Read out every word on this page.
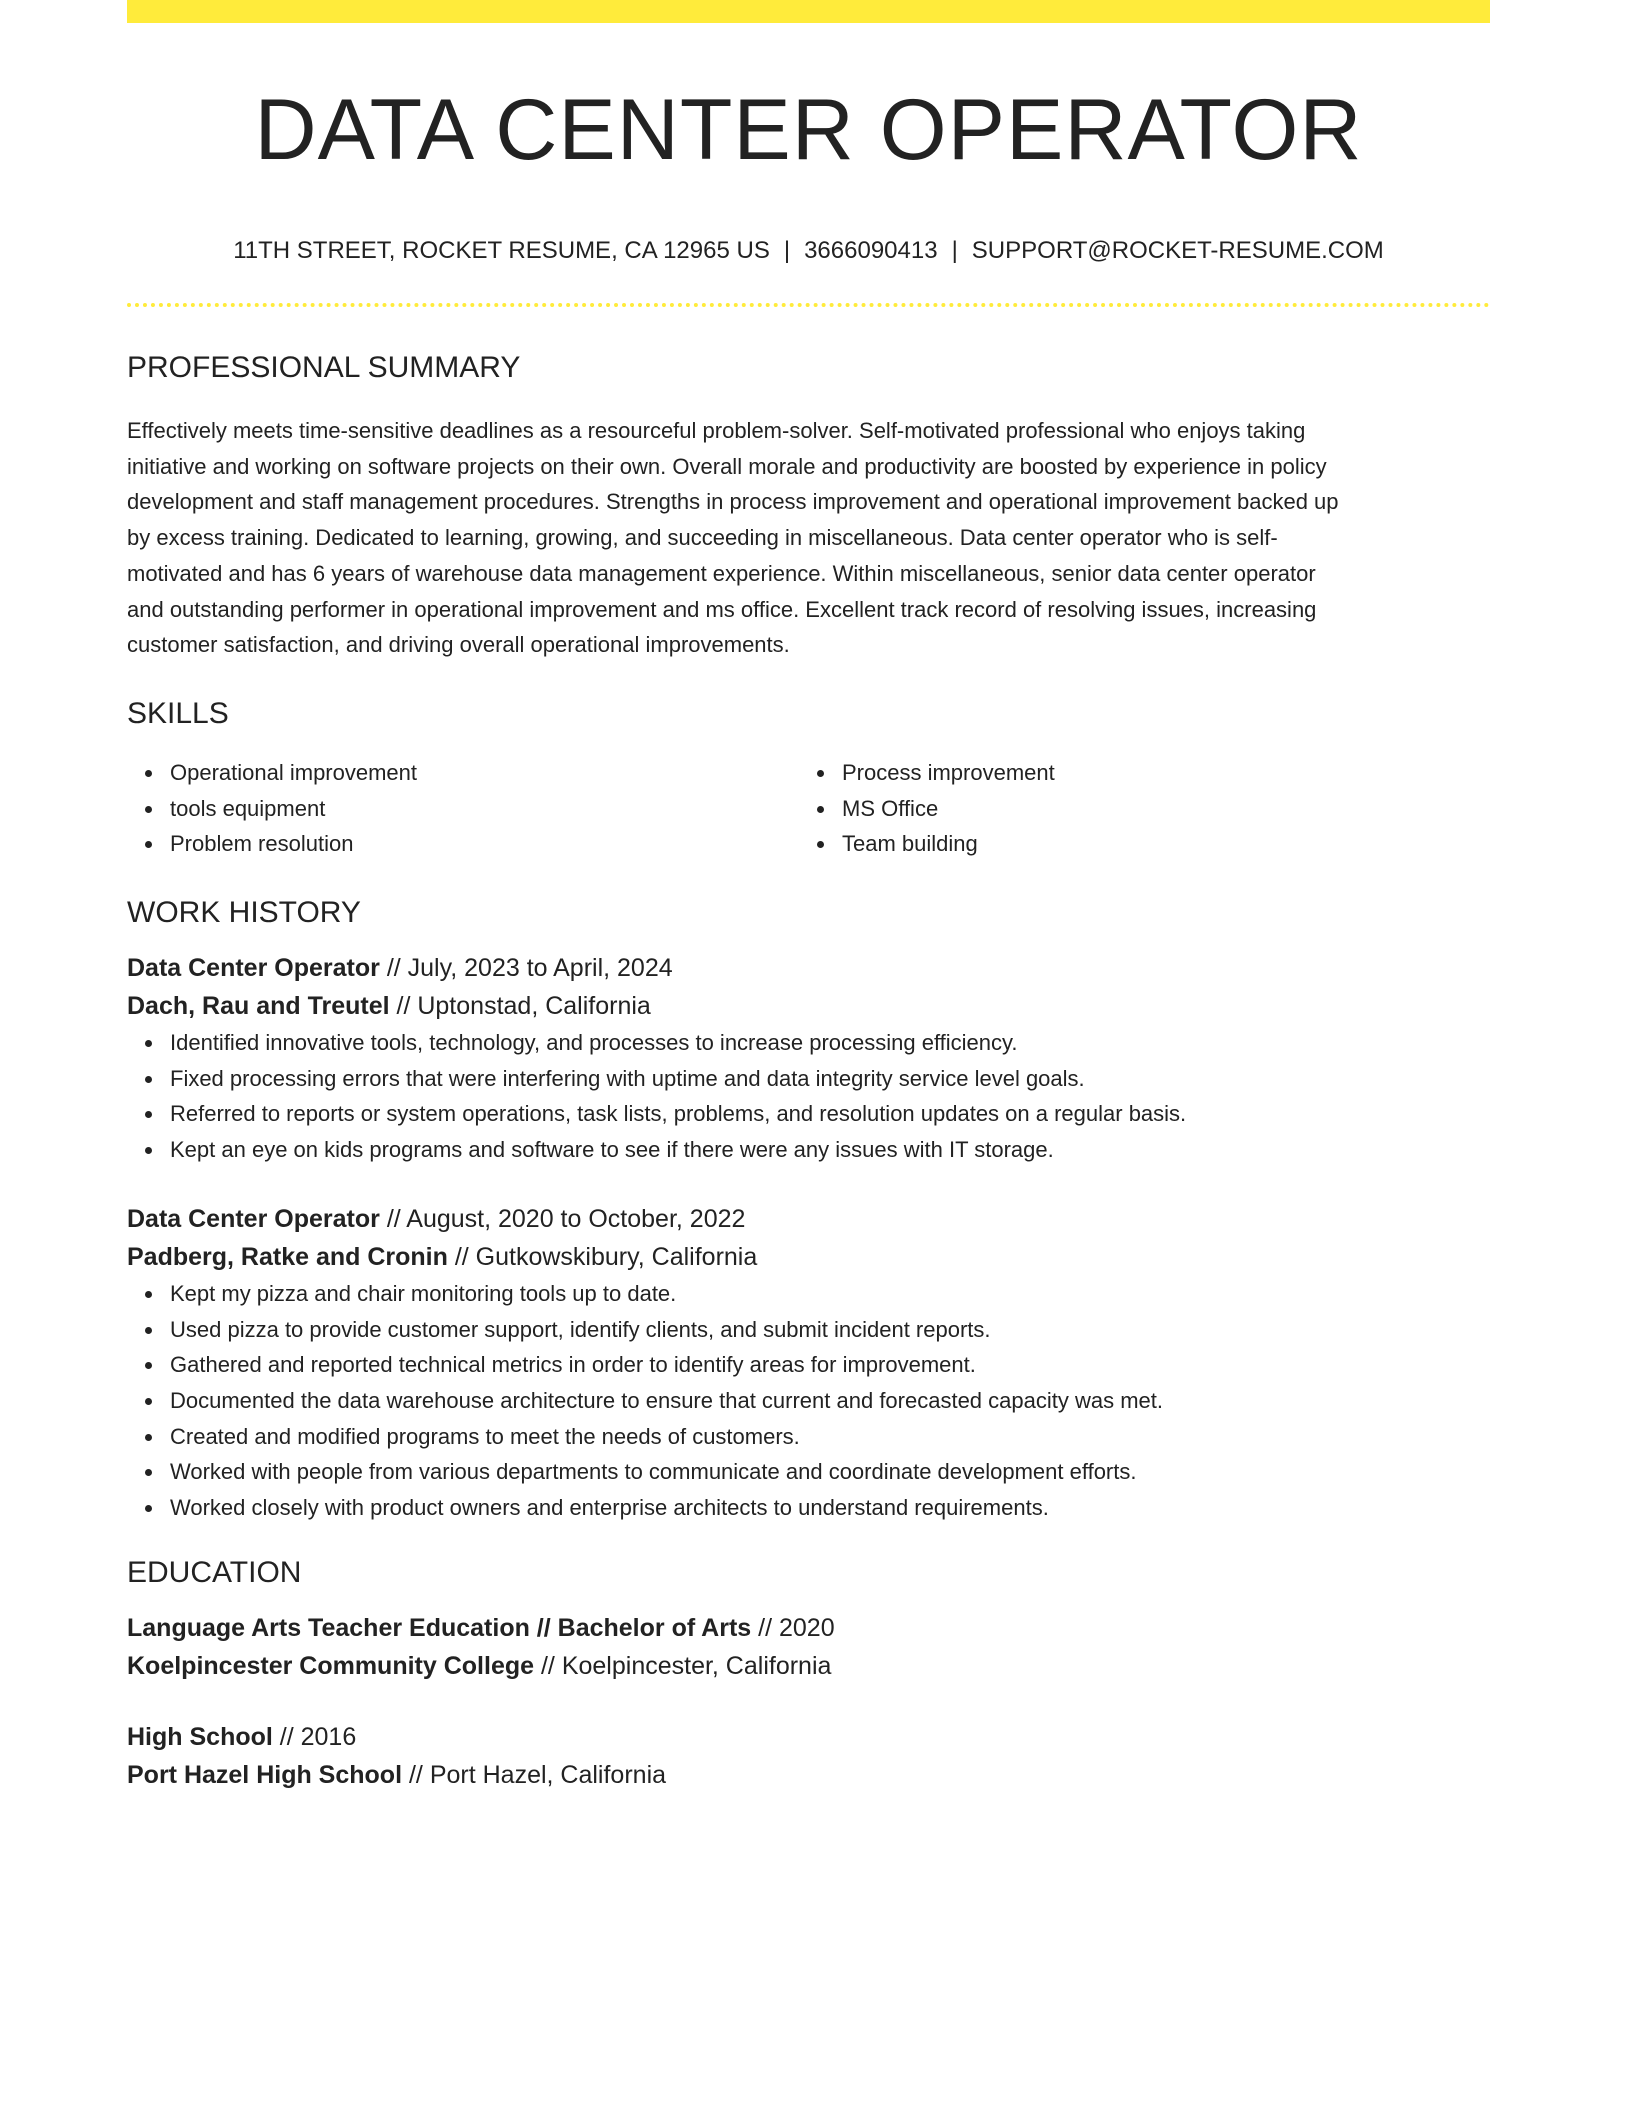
DATA CENTER OPERATOR
11TH STREET, ROCKET RESUME, CA 12965 US | 3666090413 | SUPPORT@ROCKET-RESUME.COM
PROFESSIONAL SUMMARY
Effectively meets time-sensitive deadlines as a resourceful problem-solver. Self-motivated professional who enjoys taking
initiative and working on software projects on their own. Overall morale and productivity are boosted by experience in policy
development and staff management procedures. Strengths in process improvement and operational improvement backed up
by excess training. Dedicated to learning, growing, and succeeding in miscellaneous. Data center operator who is self-
motivated and has 6 years of warehouse data management experience. Within miscellaneous, senior data center operator
and outstanding performer in operational improvement and ms office. Excellent track record of resolving issues, increasing
customer satisfaction, and driving overall operational improvements.
SKILLS
Operational improvement
tools equipment
Problem resolution
Process improvement
MS Office
Team building
WORK HISTORY
Data Center Operator // July, 2023 to April, 2024
Dach, Rau and Treutel // Uptonstad, California
Identified innovative tools, technology, and processes to increase processing efficiency.
Fixed processing errors that were interfering with uptime and data integrity service level goals.
Referred to reports or system operations, task lists, problems, and resolution updates on a regular basis.
Kept an eye on kids programs and software to see if there were any issues with IT storage.
Data Center Operator // August, 2020 to October, 2022
Padberg, Ratke and Cronin // Gutkowskibury, California
Kept my pizza and chair monitoring tools up to date.
Used pizza to provide customer support, identify clients, and submit incident reports.
Gathered and reported technical metrics in order to identify areas for improvement.
Documented the data warehouse architecture to ensure that current and forecasted capacity was met.
Created and modified programs to meet the needs of customers.
Worked with people from various departments to communicate and coordinate development efforts.
Worked closely with product owners and enterprise architects to understand requirements.
EDUCATION
Language Arts Teacher Education // Bachelor of Arts // 2020
Koelpincester Community College // Koelpincester, California
High School // 2016
Port Hazel High School // Port Hazel, California
